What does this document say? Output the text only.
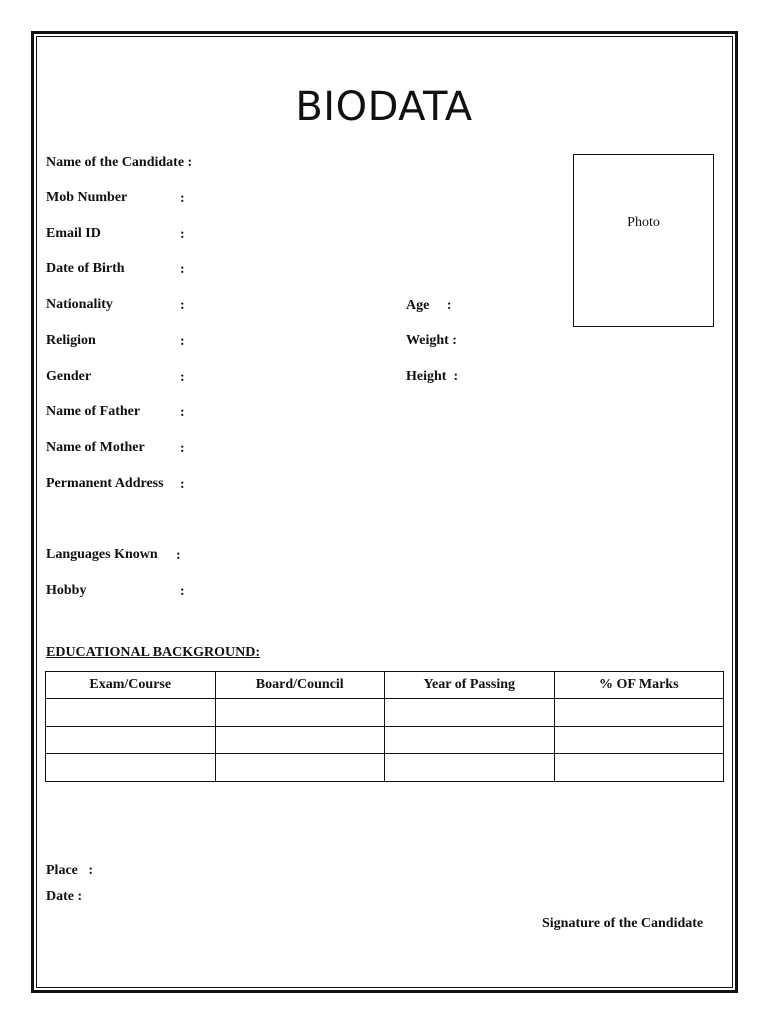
BIODATA
Name of the Candidate :
Mob Number	:
Email ID	:
Date of Birth	:
Nationality	:
Religion	:
Gender	:
Name of Father	:
Name of Mother	:
Permanent Address :
Languages Known :
Hobby	:
Age     :
Weight :
Height  :
Photo
EDUCATIONAL BACKGROUND:
Exam/Course	Board/Council	Year of Passing	% OF Marks

Place   :
Date :
Signature of the Candidate
